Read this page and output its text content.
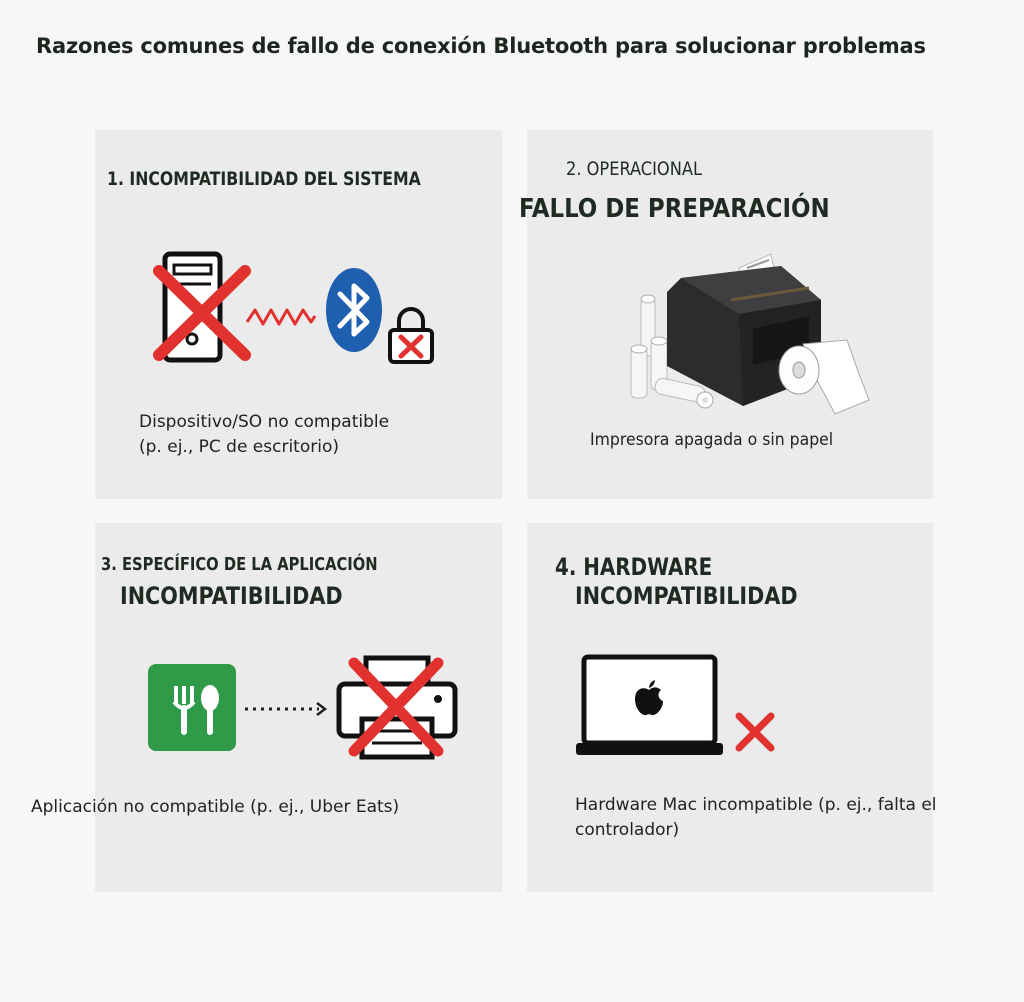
Razones comunes de fallo de conexión Bluetooth para solucionar problemas
1. INCOMPATIBILIDAD DEL SISTEMA
Dispositivo/SO no compatible
(p. ej., PC de escritorio)
2. OPERACIONAL
FALLO DE PREPARACIÓN
Impresora apagada o sin papel
3. ESPECÍFICO DE LA APLICACIÓN
INCOMPATIBILIDAD
Aplicación no compatible (p. ej., Uber Eats)
4. HARDWARE
INCOMPATIBILIDAD
Hardware Mac incompatible (p. ej., falta el
controlador)
